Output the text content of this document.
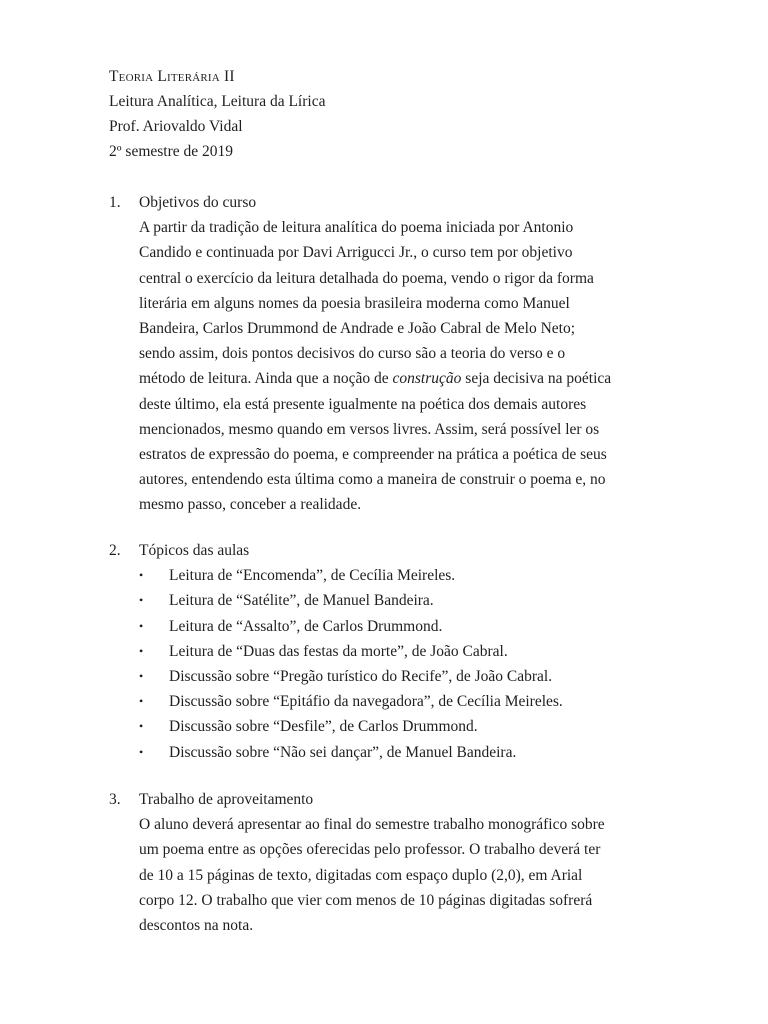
Teoria Literária II
Leitura Analítica, Leitura da Lírica
Prof. Ariovaldo Vidal
2º semestre de 2019
1.	Objetivos do curso
A partir da tradição de leitura analítica do poema iniciada por Antonio
Candido e continuada por Davi Arrigucci Jr., o curso tem por objetivo
central o exercício da leitura detalhada do poema, vendo o rigor da forma
literária em alguns nomes da poesia brasileira moderna como Manuel
Bandeira, Carlos Drummond de Andrade e João Cabral de Melo Neto;
sendo assim, dois pontos decisivos do curso são a teoria do verso e o
método de leitura. Ainda que a noção de construção seja decisiva na poética
deste último, ela está presente igualmente na poética dos demais autores
mencionados, mesmo quando em versos livres. Assim, será possível ler os
estratos de expressão do poema, e compreender na prática a poética de seus
autores, entendendo esta última como a maneira de construir o poema e, no
mesmo passo, conceber a realidade.
2.	Tópicos das aulas
•	Leitura de “Encomenda”, de Cecília Meireles.
•	Leitura de “Satélite”, de Manuel Bandeira.
•	Leitura de “Assalto”, de Carlos Drummond.
•	Leitura de “Duas das festas da morte”, de João Cabral.
•	Discussão sobre “Pregão turístico do Recife”, de João Cabral.
•	Discussão sobre “Epitáfio da navegadora”, de Cecília Meireles.
•	Discussão sobre “Desfile”, de Carlos Drummond.
•	Discussão sobre “Não sei dançar”, de Manuel Bandeira.
3.	Trabalho de aproveitamento
O aluno deverá apresentar ao final do semestre trabalho monográfico sobre
um poema entre as opções oferecidas pelo professor. O trabalho deverá ter
de 10 a 15 páginas de texto, digitadas com espaço duplo (2,0), em Arial
corpo 12. O trabalho que vier com menos de 10 páginas digitadas sofrerá
descontos na nota.
